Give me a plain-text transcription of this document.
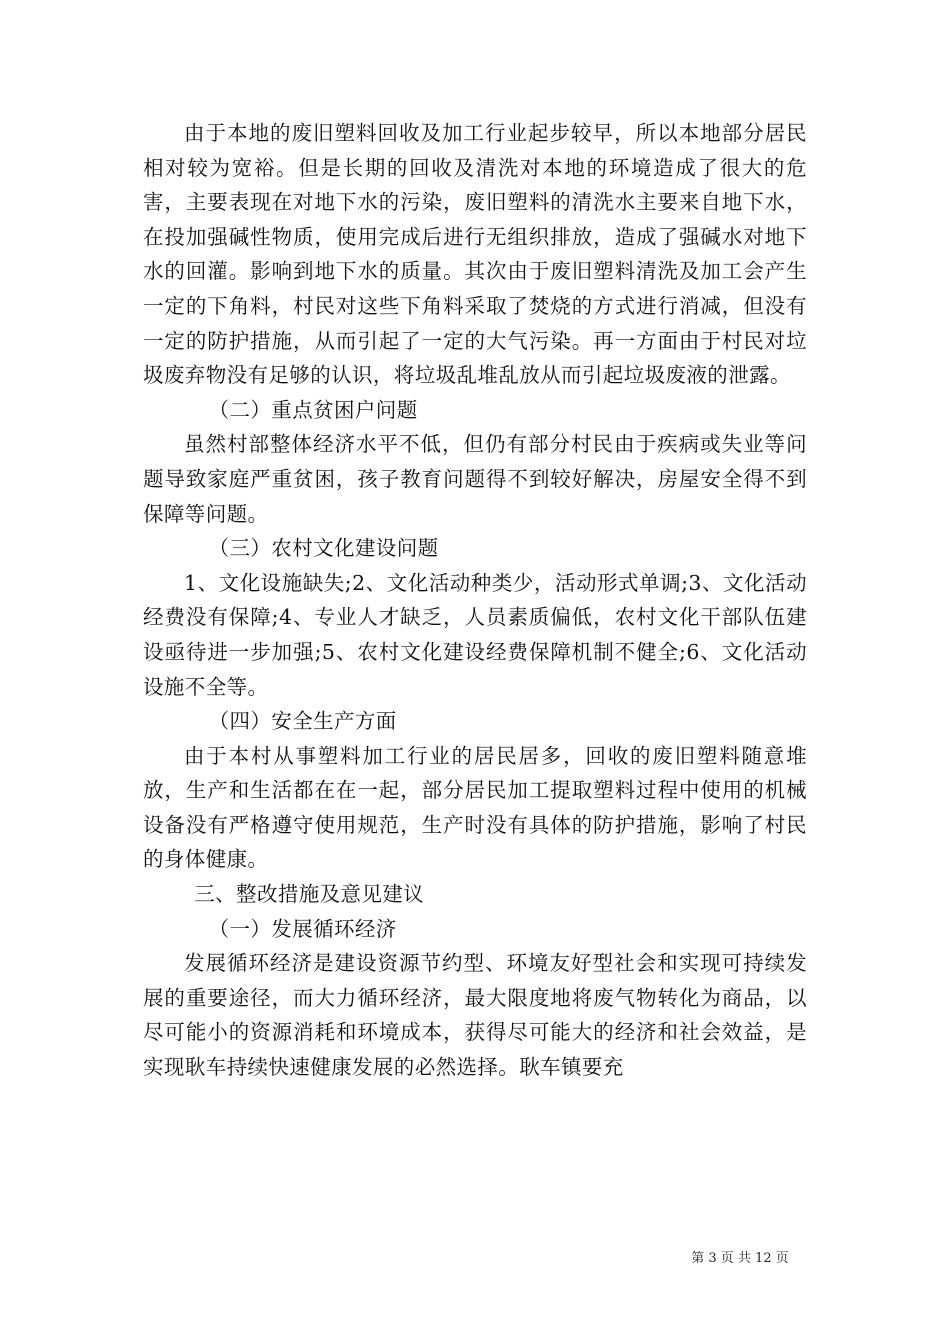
由于本地的废旧塑料回收及加工行业起步较早，所以本地部分居民相对较为宽裕。但是长期的回收及清洗对本地的环境造成了很大的危害，主要表现在对地下水的污染，废旧塑料的清洗水主要来自地下水，在投加强碱性物质，使用完成后进行无组织排放，造成了强碱水对地下水的回灌。影响到地下水的质量。其次由于废旧塑料清洗及加工会产生一定的下角料，村民对这些下角料采取了焚烧的方式进行消减，但没有一定的防护措施，从而引起了一定的大气污染。再一方面由于村民对垃圾废弃物没有足够的认识，将垃圾乱堆乱放从而引起垃圾废液的泄露。

（二）重点贫困户问题

虽然村部整体经济水平不低，但仍有部分村民由于疾病或失业等问题导致家庭严重贫困，孩子教育问题得不到较好解决，房屋安全得不到保障等问题。

（三）农村文化建设问题

1、文化设施缺失;2、文化活动种类少，活动形式单调;3、文化活动经费没有保障;4、专业人才缺乏，人员素质偏低，农村文化干部队伍建设亟待进一步加强;5、农村文化建设经费保障机制不健全;6、文化活动设施不全等。

（四）安全生产方面

由于本村从事塑料加工行业的居民居多，回收的废旧塑料随意堆放，生产和生活都在在一起，部分居民加工提取塑料过程中使用的机械设备没有严格遵守使用规范，生产时没有具体的防护措施，影响了村民的身体健康。

三、整改措施及意见建议

（一）发展循环经济

发展循环经济是建设资源节约型、环境友好型社会和实现可持续发展的重要途径，而大力循环经济，最大限度地将废气物转化为商品，以尽可能小的资源消耗和环境成本，获得尽可能大的经济和社会效益，是实现耿车持续快速健康发展的必然选择。耿车镇要充

第 3 页 共 12 页
